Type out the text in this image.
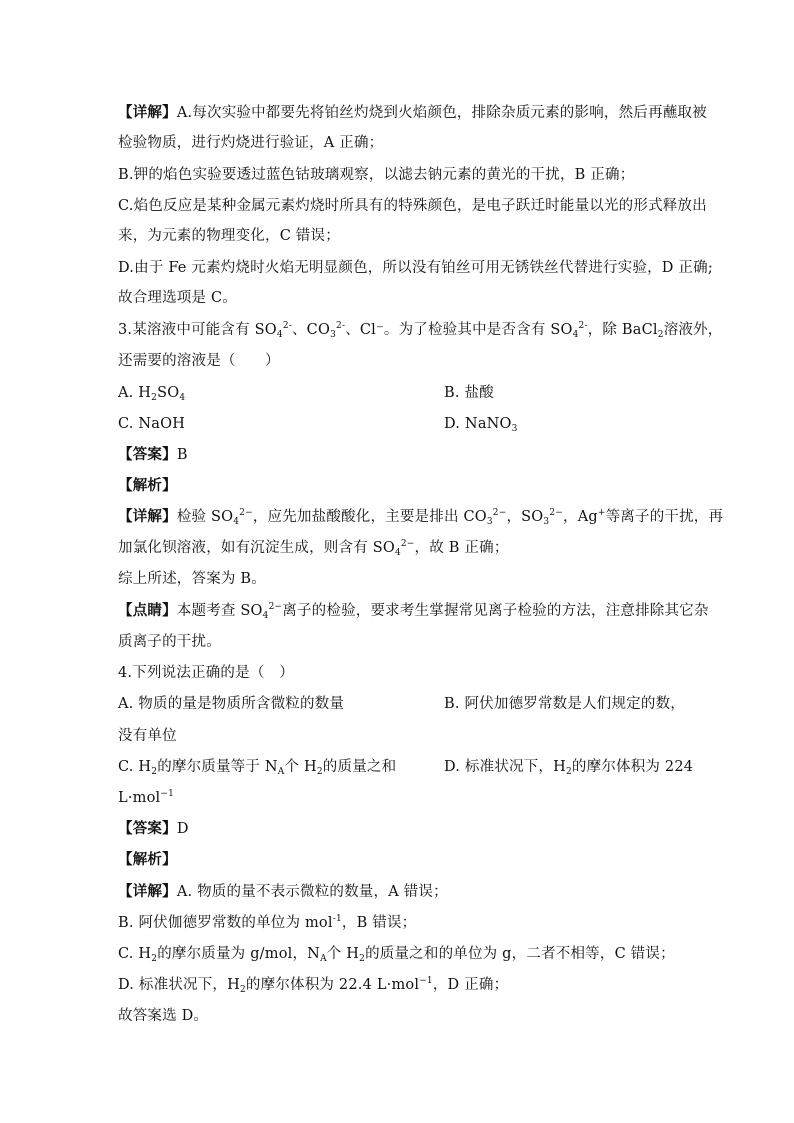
【详解】A.每次实验中都要先将铂丝灼烧到火焰颜色，排除杂质元素的影响，然后再蘸取被
检验物质，进行灼烧进行验证，A 正确；
B.钾的焰色实验要透过蓝色钴玻璃观察，以滤去钠元素的黄光的干扰，B 正确；
C.焰色反应是某种金属元素灼烧时所具有的特殊颜色，是电子跃迁时能量以光的形式释放出
来，为元素的物理变化，C 错误；
D.由于 Fe 元素灼烧时火焰无明显颜色，所以没有铂丝可用无锈铁丝代替进行实验，D 正确;
故合理选项是 C。
3.某溶液中可能含有 $SO_4^{2-}$、$CO_3^{2-}$、Cl⁻。为了检验其中是否含有 $SO_4^{2-}$，除 BaCl$_2$溶液外，
还需要的溶液是（　　）
A. $H_2SO_4$	B. 盐酸
C. NaOH	D. NaNO$_3$
【答案】B
【解析】
【详解】检验 $SO_4^{2-}$，应先加盐酸酸化，主要是排出 $CO_3^{2-}$，$SO_3^{2-}$，Ag+等离子的干扰，再
加氯化钡溶液，如有沉淀生成，则含有 $SO_4^{2-}$，故 B 正确；
综上所述，答案为 B。
【点睛】本题考查 $SO_4^{2-}$离子的检验，要求考生掌握常见离子检验的方法，注意排除其它杂
质离子的干扰。
4.下列说法正确的是（　）
A. 物质的量是物质所含微粒的数量	B. 阿伏加德罗常数是人们规定的数，
没有单位
C. $H_2$的摩尔质量等于 $N_A$个 $H_2$的质量之和	D. 标准状况下，$H_2$的摩尔体积为 224
L·mol$^{-1}$
【答案】D
【解析】
【详解】A. 物质的量不表示微粒的数量，A 错误；
B. 阿伏伽德罗常数的单位为 mol$^{-1}$，B 错误；
C. $H_2$的摩尔质量为 g/mol，$N_A$个 $H_2$的质量之和的单位为 g，二者不相等，C 错误；
D. 标准状况下，$H_2$的摩尔体积为 22.4 L·mol$^{-1}$，D 正确；
故答案选 D。
